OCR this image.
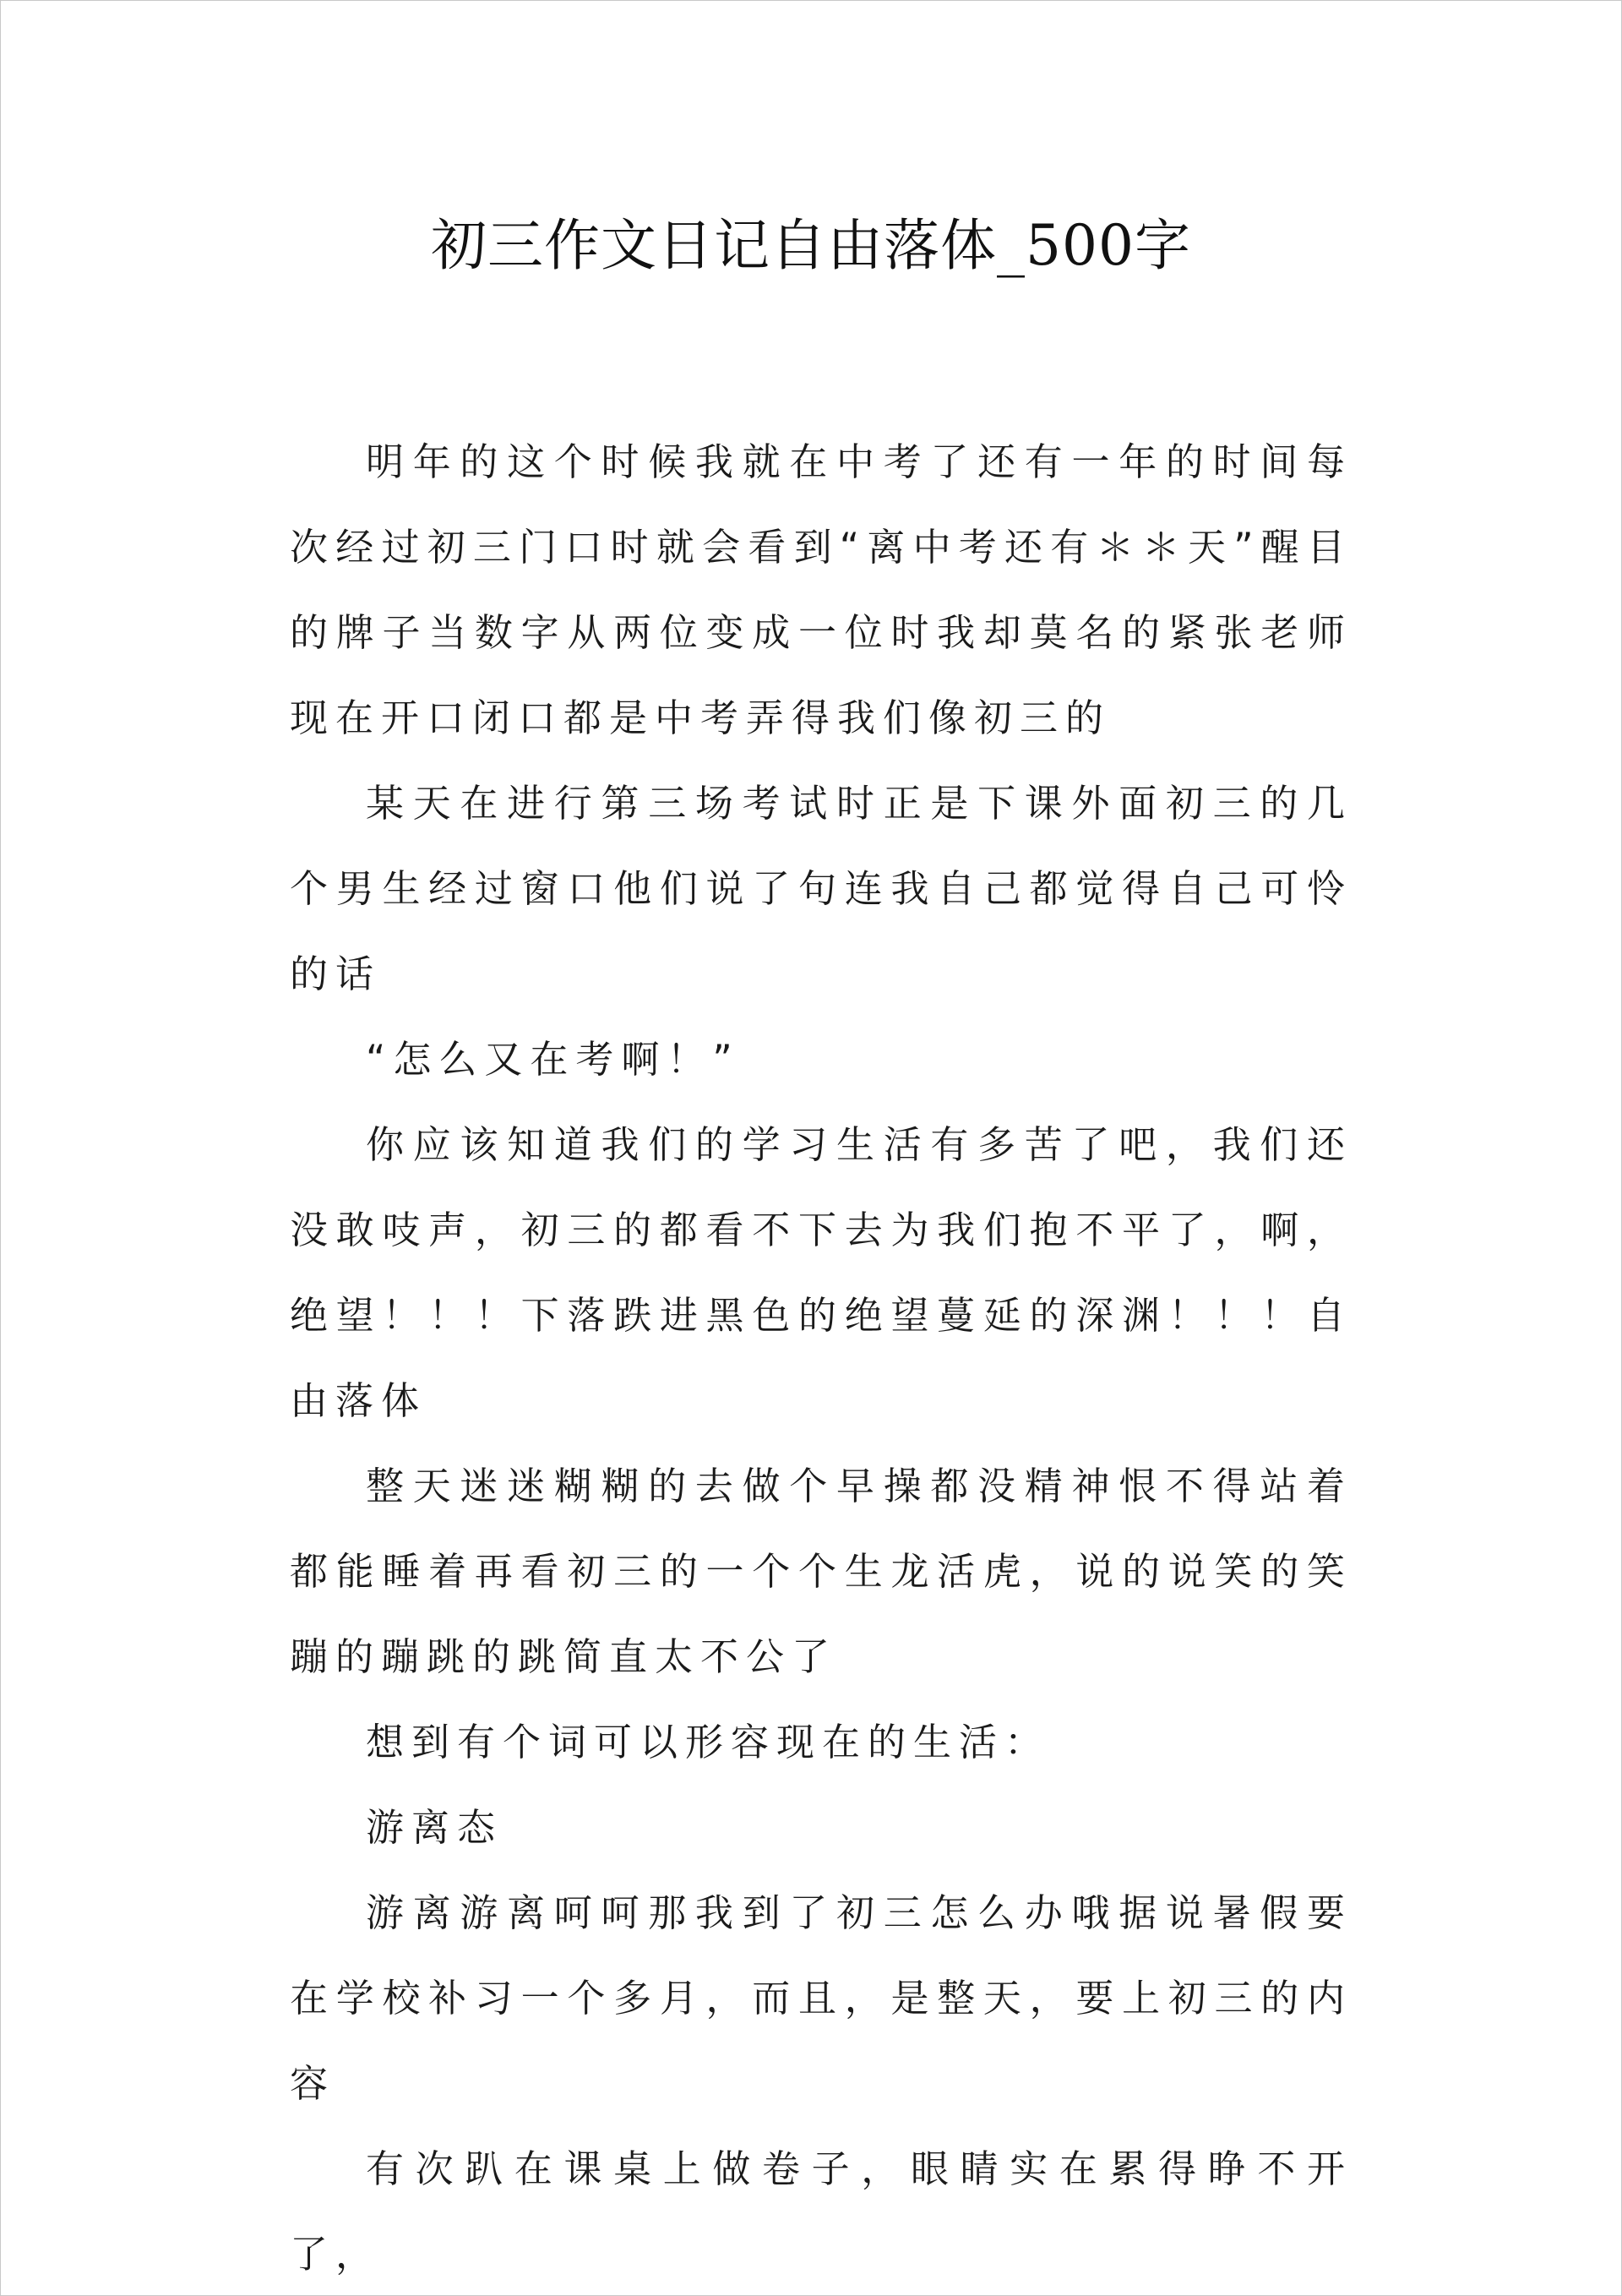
初三作文日记自由落体_500字

明年的这个时候我就在中考了还有一年的时间每次经过初三门口时就会看到“离中考还有＊＊天”醒目的牌子当数字从两位变成一位时我却莫名的紧张老师现在开口闭口都是中考弄得我们像初三的

某天在进行第三场考试时正是下课外面初三的几个男生经过窗口他们说了句连我自己都觉得自己可怜的话

“怎么又在考啊！”

你应该知道我们的学习生活有多苦了吧，我们还没敢吱声，初三的都看不下去为我们抱不平了，啊，绝望！！！下落跌进黑色的绝望蔓延的深渊！！！自由落体

整天迷迷糊糊的去做个早操都没精神恨不得站着都能睡着再看初三的一个个生龙活虎，说的说笑的笑蹦的蹦跳的跳简直太不公了

想到有个词可以形容现在的生活：

游离态

游离游离呵呵那我到了初三怎么办哦据说暑假要在学校补习一个多月，而且，是整天，要上初三的内容

有次趴在课桌上做卷子，眼睛实在累得睁不开了，
